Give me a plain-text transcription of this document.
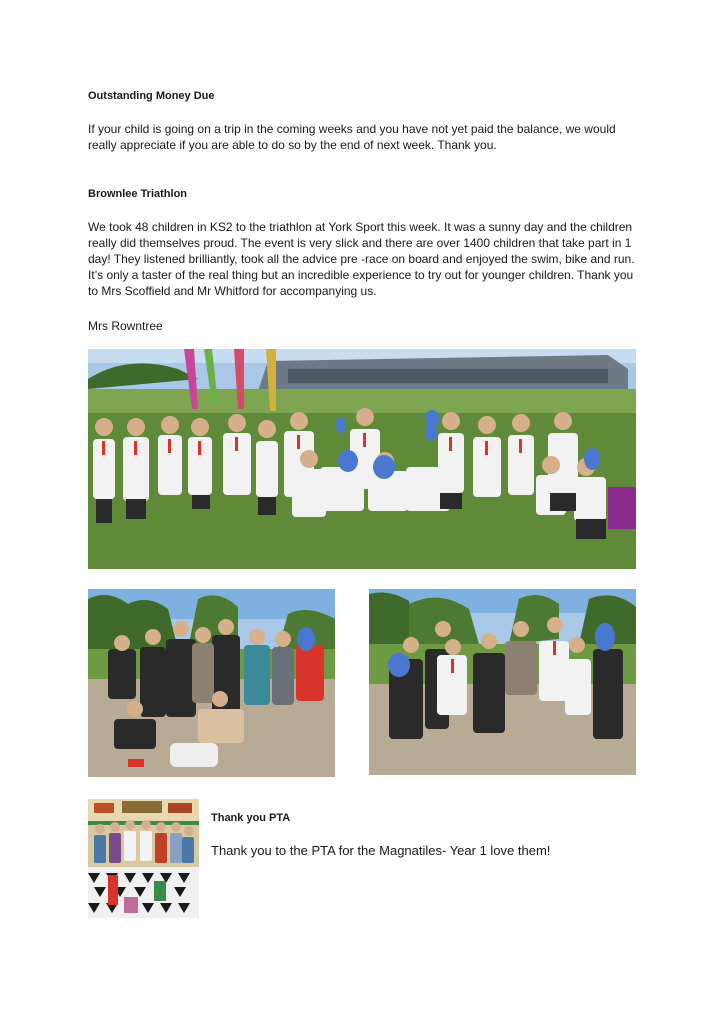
Outstanding Money Due

If your child is going on a trip in the coming weeks and you have not yet paid the balance, we would really appreciate if you are able to do so by the end of next week. Thank you.

Brownlee Triathlon

We took 48 children in KS2 to the triathlon at York Sport this week. It was a sunny day and the children really did themselves proud. The event is very slick and there are over 1400 children that take part in 1 day! They listened brilliantly, took all the advice pre -race on board and enjoyed the swim, bike and run. It’s only a taster of the real thing but an incredible experience to try out for younger children. Thank you to Mrs Scoffield and Mr Whitford for accompanying us.

Mrs Rowntree

Thank you PTA

Thank you to the PTA for the Magnatiles- Year 1 love them!
